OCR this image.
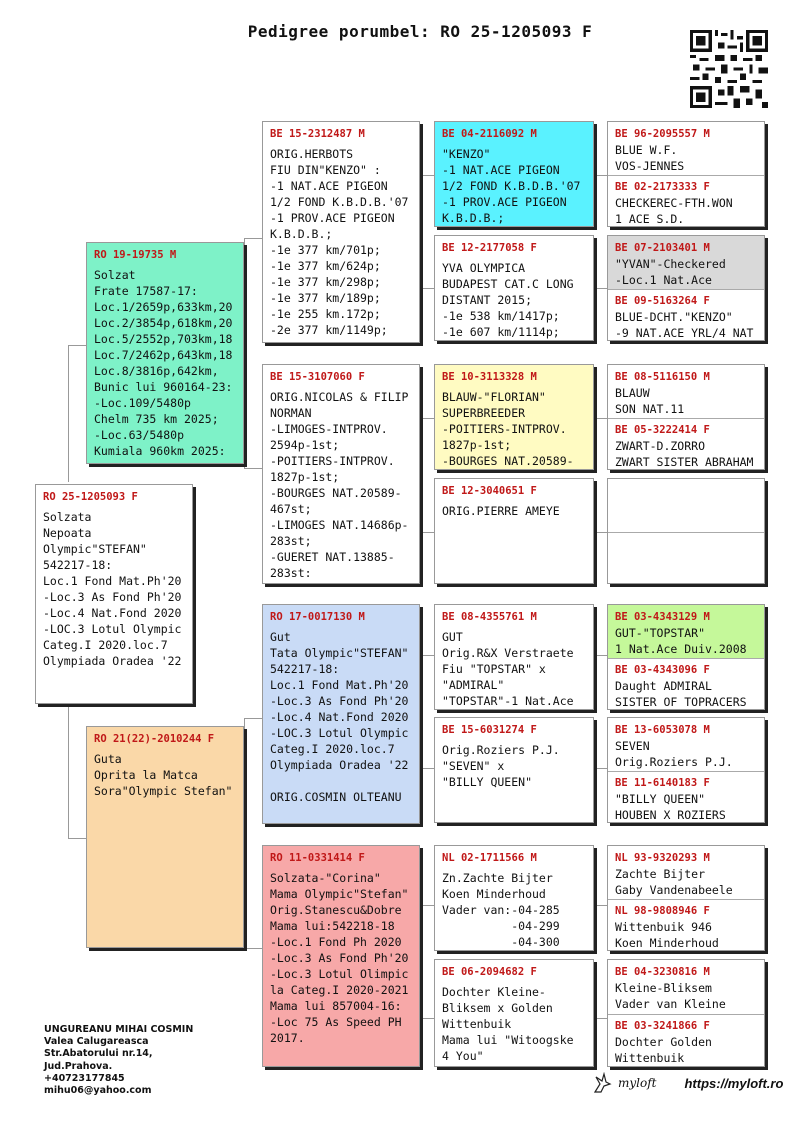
Pedigree porumbel: RO 25-1205093 F
RO 25-1205093 F
Solzata
Nepoata
Olympic"STEFAN"
542217-18:
Loc.1 Fond Mat.Ph'20
-Loc.3 As Fond Ph'20
-Loc.4 Nat.Fond 2020
-LOC.3 Lotul Olympic
Categ.I 2020.loc.7
Olympiada Oradea '22
RO 19-19735 M
Solzat
Frate 17587-17:
Loc.1/2659p,633km,20
Loc.2/3854p,618km,20
Loc.5/2552p,703km,18
Loc.7/2462p,643km,18
Loc.8/3816p,642km,
Bunic lui 960164-23:
-Loc.109/5480p
Chelm 735 km 2025;
-Loc.63/5480p
Kumiala 960km 2025:
RO 21(22)-2010244 F
Guta
Oprita la Matca
Sora"Olympic Stefan"
BE 15-2312487 M
ORIG.HERBOTS
FIU DIN"KENZO" :
-1 NAT.ACE PIGEON
1/2 FOND K.B.D.B.'07
-1 PROV.ACE PIGEON
K.B.D.B.;
-1e 377 km/701p;
-1e 377 km/624p;
-1e 377 km/298p;
-1e 377 km/189p;
-1e 255 km.172p;
-2e 377 km/1149p;
BE 15-3107060 F
ORIG.NICOLAS & FILIP
NORMAN
-LIMOGES-INTPROV.
2594p-1st;
-POITIERS-INTPROV.
1827p-1st;
-BOURGES NAT.20589-
467st;
-LIMOGES NAT.14686p-
283st;
-GUERET NAT.13885-
283st:
RO 17-0017130 M
Gut
Tata Olympic"STEFAN"
542217-18:
Loc.1 Fond Mat.Ph'20
-Loc.3 As Fond Ph'20
-Loc.4 Nat.Fond 2020
-LOC.3 Lotul Olympic
Categ.I 2020.loc.7
Olympiada Oradea '22

ORIG.COSMIN OLTEANU
RO 11-0331414 F
Solzata-"Corina"
Mama Olympic"Stefan"
Orig.Stanescu&Dobre
Mama lui:542218-18
-Loc.1 Fond Ph 2020
-Loc.3 As Fond Ph'20
-Loc.3 Lotul Olimpic
la Categ.I 2020-2021
Mama lui 857004-16:
-Loc 75 As Speed PH
2017.
BE 04-2116092 M
"KENZO"
-1 NAT.ACE PIGEON
1/2 FOND K.B.D.B.'07
-1 PROV.ACE PIGEON
K.B.D.B.;
BE 12-2177058 F
YVA OLYMPICA
BUDAPEST CAT.C LONG
DISTANT 2015;
-1e 538 km/1417p;
-1e 607 km/1114p;
BE 10-3113328 M
BLAUW-"FLORIAN"
SUPERBREEDER
-POITIERS-INTPROV.
1827p-1st;
-BOURGES NAT.20589-
BE 12-3040651 F
ORIG.PIERRE AMEYE
BE 08-4355761 M
GUT
Orig.R&X Verstraete
Fiu "TOPSTAR" x
"ADMIRAL"
"TOPSTAR"-1 Nat.Ace
BE 15-6031274 F
Orig.Roziers P.J.
"SEVEN" x
"BILLY QUEEN"
NL 02-1711566 M
Zn.Zachte Bijter
Koen Minderhoud
Vader van:-04-285
-04-299
-04-300
BE 06-2094682 F
Dochter Kleine-
Bliksem x Golden
Wittenbuik
Mama lui "Witoogske
4 You"
BE 96-2095557 M
BLUE W.F.
VOS-JENNES
BE 02-2173333 F
CHECKEREC-FTH.WON
1 ACE S.D.
BE 07-2103401 M
"YVAN"-Checkered
-Loc.1 Nat.Ace
BE 09-5163264 F
BLUE-DCHT."KENZO"
-9 NAT.ACE YRL/4 NAT
BE 08-5116150 M
BLAUW
SON NAT.11
BE 05-3222414 F
ZWART-D.ZORRO
ZWART SISTER ABRAHAM
BE 03-4343129 M
GUT-"TOPSTAR"
1 Nat.Ace Duiv.2008
BE 03-4343096 F
Daught ADMIRAL
SISTER OF TOPRACERS
BE 13-6053078 M
SEVEN
Orig.Roziers P.J.
BE 11-6140183 F
"BILLY QUEEN"
HOUBEN X ROZIERS
NL 93-9320293 M
Zachte Bijter
Gaby Vandenabeele
NL 98-9808946 F
Wittenbuik 946
Koen Minderhoud
BE 04-3230816 M
Kleine-Bliksem
Vader van Kleine
BE 03-3241866 F
Dochter Golden
Wittenbuik
UNGUREANU MIHAI COSMIN
Valea Calugareasca
Str.Abatorului nr.14,
Jud.Prahova.
+40723177845
mihu06@yahoo.com
myloft https://myloft.ro
